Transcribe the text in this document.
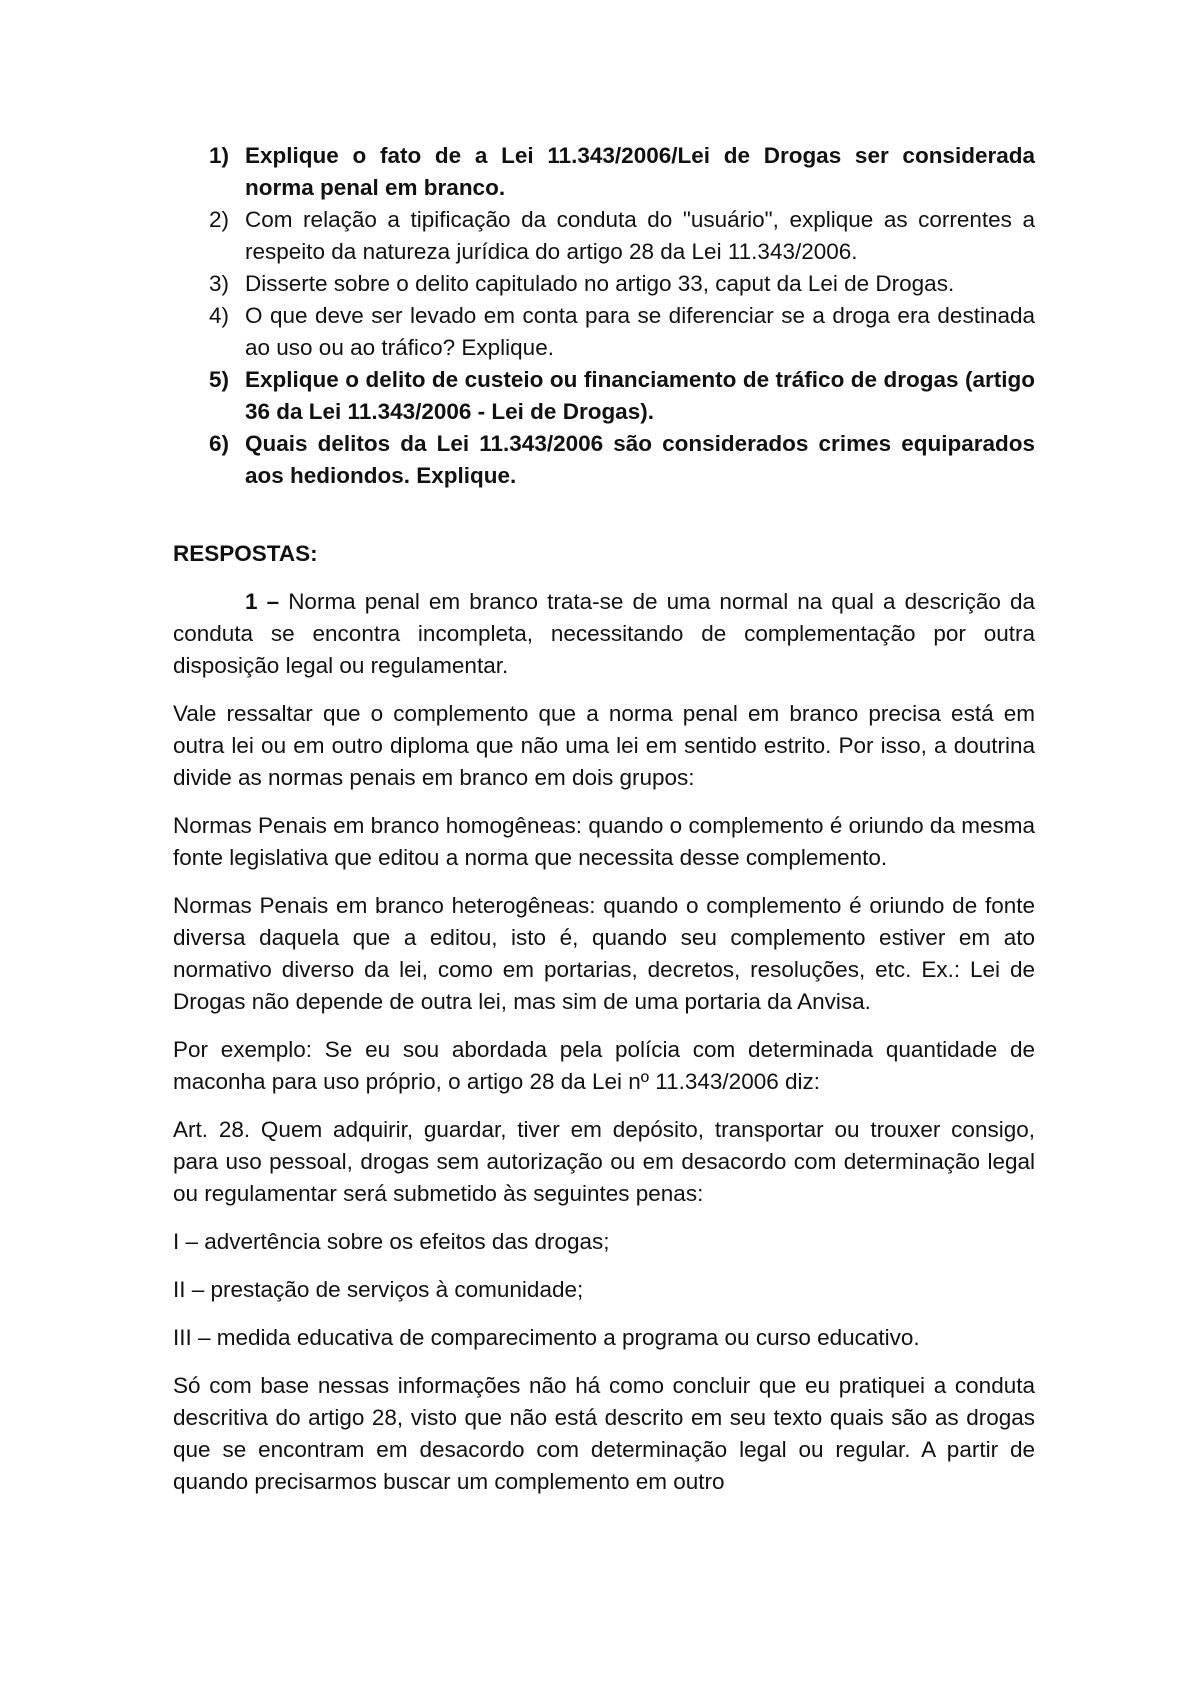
1) Explique o fato de a Lei 11.343/2006/Lei de Drogas ser considerada norma penal em branco.
2) Com relação a tipificação da conduta do "usuário", explique as correntes a respeito da natureza jurídica do artigo 28 da Lei 11.343/2006.
3) Disserte sobre o delito capitulado no artigo 33, caput da Lei de Drogas.
4) O que deve ser levado em conta para se diferenciar se a droga era destinada ao uso ou ao tráfico? Explique.
5) Explique o delito de custeio ou financiamento de tráfico de drogas (artigo 36 da Lei 11.343/2006 - Lei de Drogas).
6) Quais delitos da Lei 11.343/2006 são considerados crimes equiparados aos hediondos. Explique.
RESPOSTAS:

1 – Norma penal em branco trata-se de uma normal na qual a descrição da conduta se encontra incompleta, necessitando de complementação por outra disposição legal ou regulamentar.

Vale ressaltar que o complemento que a norma penal em branco precisa está em outra lei ou em outro diploma que não uma lei em sentido estrito. Por isso, a doutrina divide as normas penais em branco em dois grupos:

Normas Penais em branco homogêneas: quando o complemento é oriundo da mesma fonte legislativa que editou a norma que necessita desse complemento.

Normas Penais em branco heterogêneas: quando o complemento é oriundo de fonte diversa daquela que a editou, isto é, quando seu complemento estiver em ato normativo diverso da lei, como em portarias, decretos, resoluções, etc. Ex.: Lei de Drogas não depende de outra lei, mas sim de uma portaria da Anvisa.

Por exemplo: Se eu sou abordada pela polícia com determinada quantidade de maconha para uso próprio, o artigo 28 da Lei nº 11.343/2006 diz:

Art. 28. Quem adquirir, guardar, tiver em depósito, transportar ou trouxer consigo, para uso pessoal, drogas sem autorização ou em desacordo com determinação legal ou regulamentar será submetido às seguintes penas:

I – advertência sobre os efeitos das drogas;

II – prestação de serviços à comunidade;

III – medida educativa de comparecimento a programa ou curso educativo.

Só com base nessas informações não há como concluir que eu pratiquei a conduta descritiva do artigo 28, visto que não está descrito em seu texto quais são as drogas que se encontram em desacordo com determinação legal ou regular. A partir de quando precisarmos buscar um complemento em outro
